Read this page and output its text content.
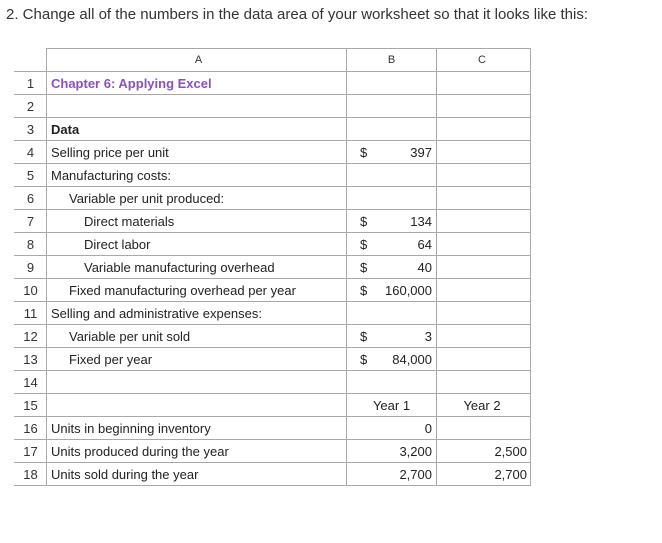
2. Change all of the numbers in the data area of your worksheet so that it looks like this:
	A	B	C
1	Chapter 6: Applying Excel	

2		

3	Data	

4	Selling price per unit	$ 397	

5	Manufacturing costs:	

6	Variable per unit produced:	

7	Direct materials	$ 134	

8	Direct labor	$ 64	

9	Variable manufacturing overhead	$ 40	

10	Fixed manufacturing overhead per year	$ 160,000	

11	Selling and administrative expenses:	

12	Variable per unit sold	$ 3	

13	Fixed per year	$ 84,000	

14		

15		Year 1	Year 2
16	Units in beginning inventory	0	

17	Units produced during the year	3,200	2,500
18	Units sold during the year	2,700	2,700
